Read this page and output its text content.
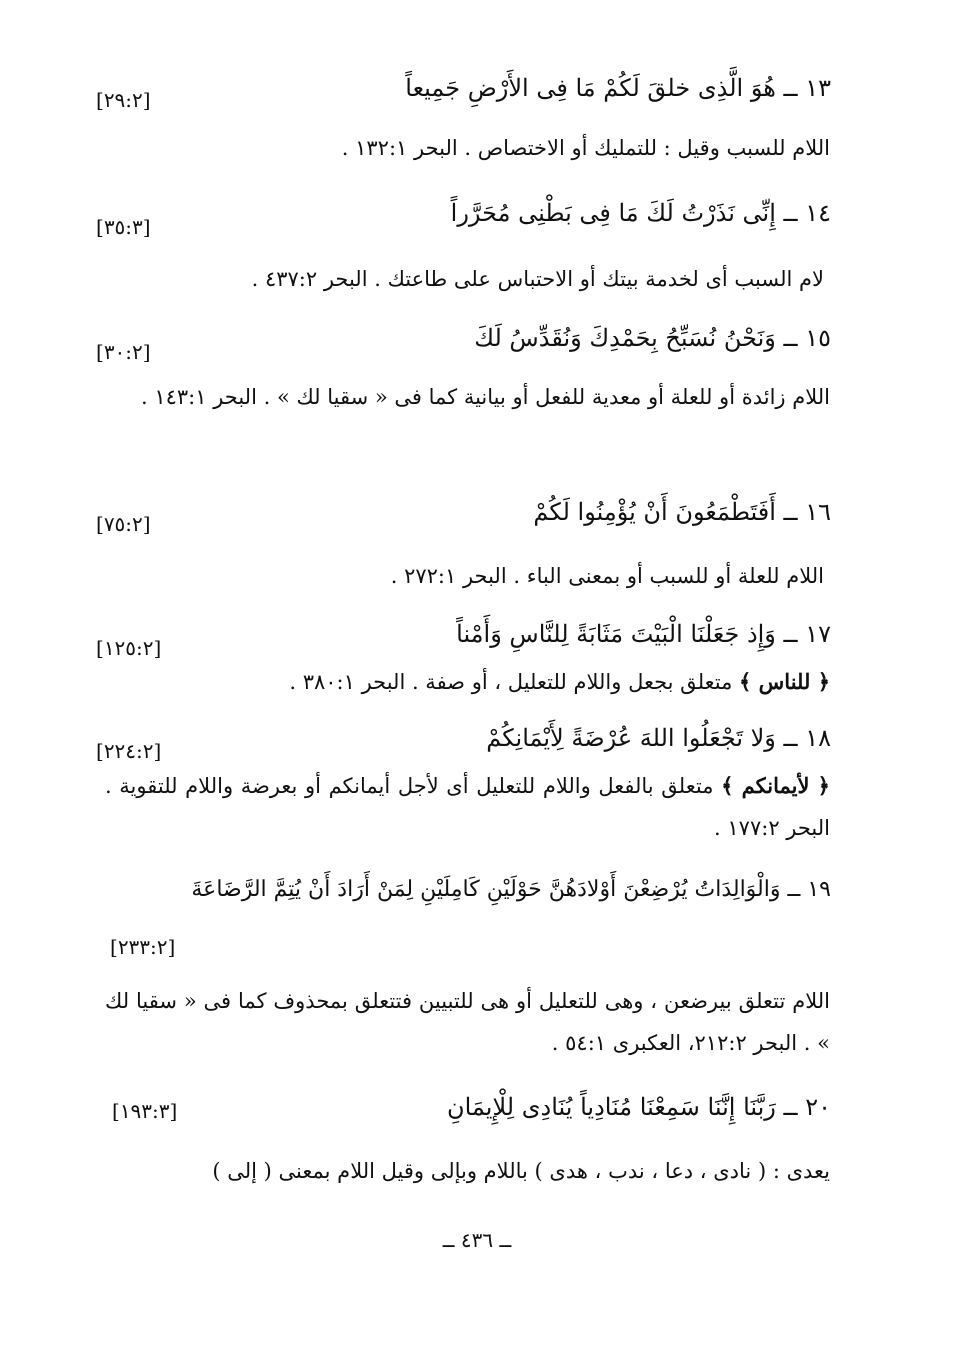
١٣ ــ هُوَ الَّذِى خلقَ لَكُمْ مَا فِى الأَرْضِ جَمِيعاً
[٢٩:٢]
اللام للسبب وقيل : للتمليك أو الاختصاص . البحر ١٣٢:١ .
١٤ ــ إِنِّى نَذَرْتُ لَكَ مَا فِى بَطْنِى مُحَرَّراً
[٣٥:٣]
لام السبب أى لخدمة بيتك أو الاحتباس على طاعتك . البحر ٤٣٧:٢ .
١٥ ــ وَنَحْنُ نُسَبِّحُ بِحَمْدِكَ وَنُقَدِّسُ لَكَ
[٣٠:٢]
اللام زائدة أو للعلة أو معدية للفعل أو بيانية كما فى « سقيا لك » . البحر ١٤٣:١ .
١٦ ــ أَفَتَطْمَعُونَ أَنْ يُؤْمِنُوا لَكُمْ
[٧٥:٢]
اللام للعلة أو للسبب أو بمعنى الباء . البحر ٢٧٢:١ .
١٧ ــ وَإِذ جَعَلْنَا الْبَيْتَ مَثَابَةً لِلنَّاسِ وَأَمْناً
[١٢٥:٢]
﴿ للناس ﴾ متعلق بجعل واللام للتعليل ، أو صفة . البحر ٣٨٠:١ .
١٨ ــ وَلا تَجْعَلُوا اللهَ عُرْضَةً لِأَيْمَانِكُمْ
[٢٢٤:٢]
﴿ لأيمانكم ﴾ متعلق بالفعل واللام للتعليل أى لأجل أيمانكم أو بعرضة واللام للتقوية . البحر ١٧٧:٢ .
١٩ ــ وَالْوَالِدَاتُ يُرْضِعْنَ أَوْلادَهُنَّ حَوْلَيْنِ كَامِلَيْنِ لِمَنْ أَرَادَ أَنْ يُتِمَّ الرَّضَاعَةَ
[٢٣٣:٢]
اللام تتعلق بيرضعن ، وهى للتعليل أو هى للتبيين فتتعلق بمحذوف كما فى « سقيا لك » . البحر ٢١٢:٢، العكبرى ٥٤:١ .
٢٠ ــ رَبَّنَا إِنَّنَا سَمِعْنَا مُنَادِياً يُنَادِى لِلْإِيمَانِ
[١٩٣:٣]
يعدى : ( نادى ، دعا ، ندب ، هدى ) باللام وبإلى وقيل اللام بمعنى ( إلى )
ــ ٤٣٦ ــ
